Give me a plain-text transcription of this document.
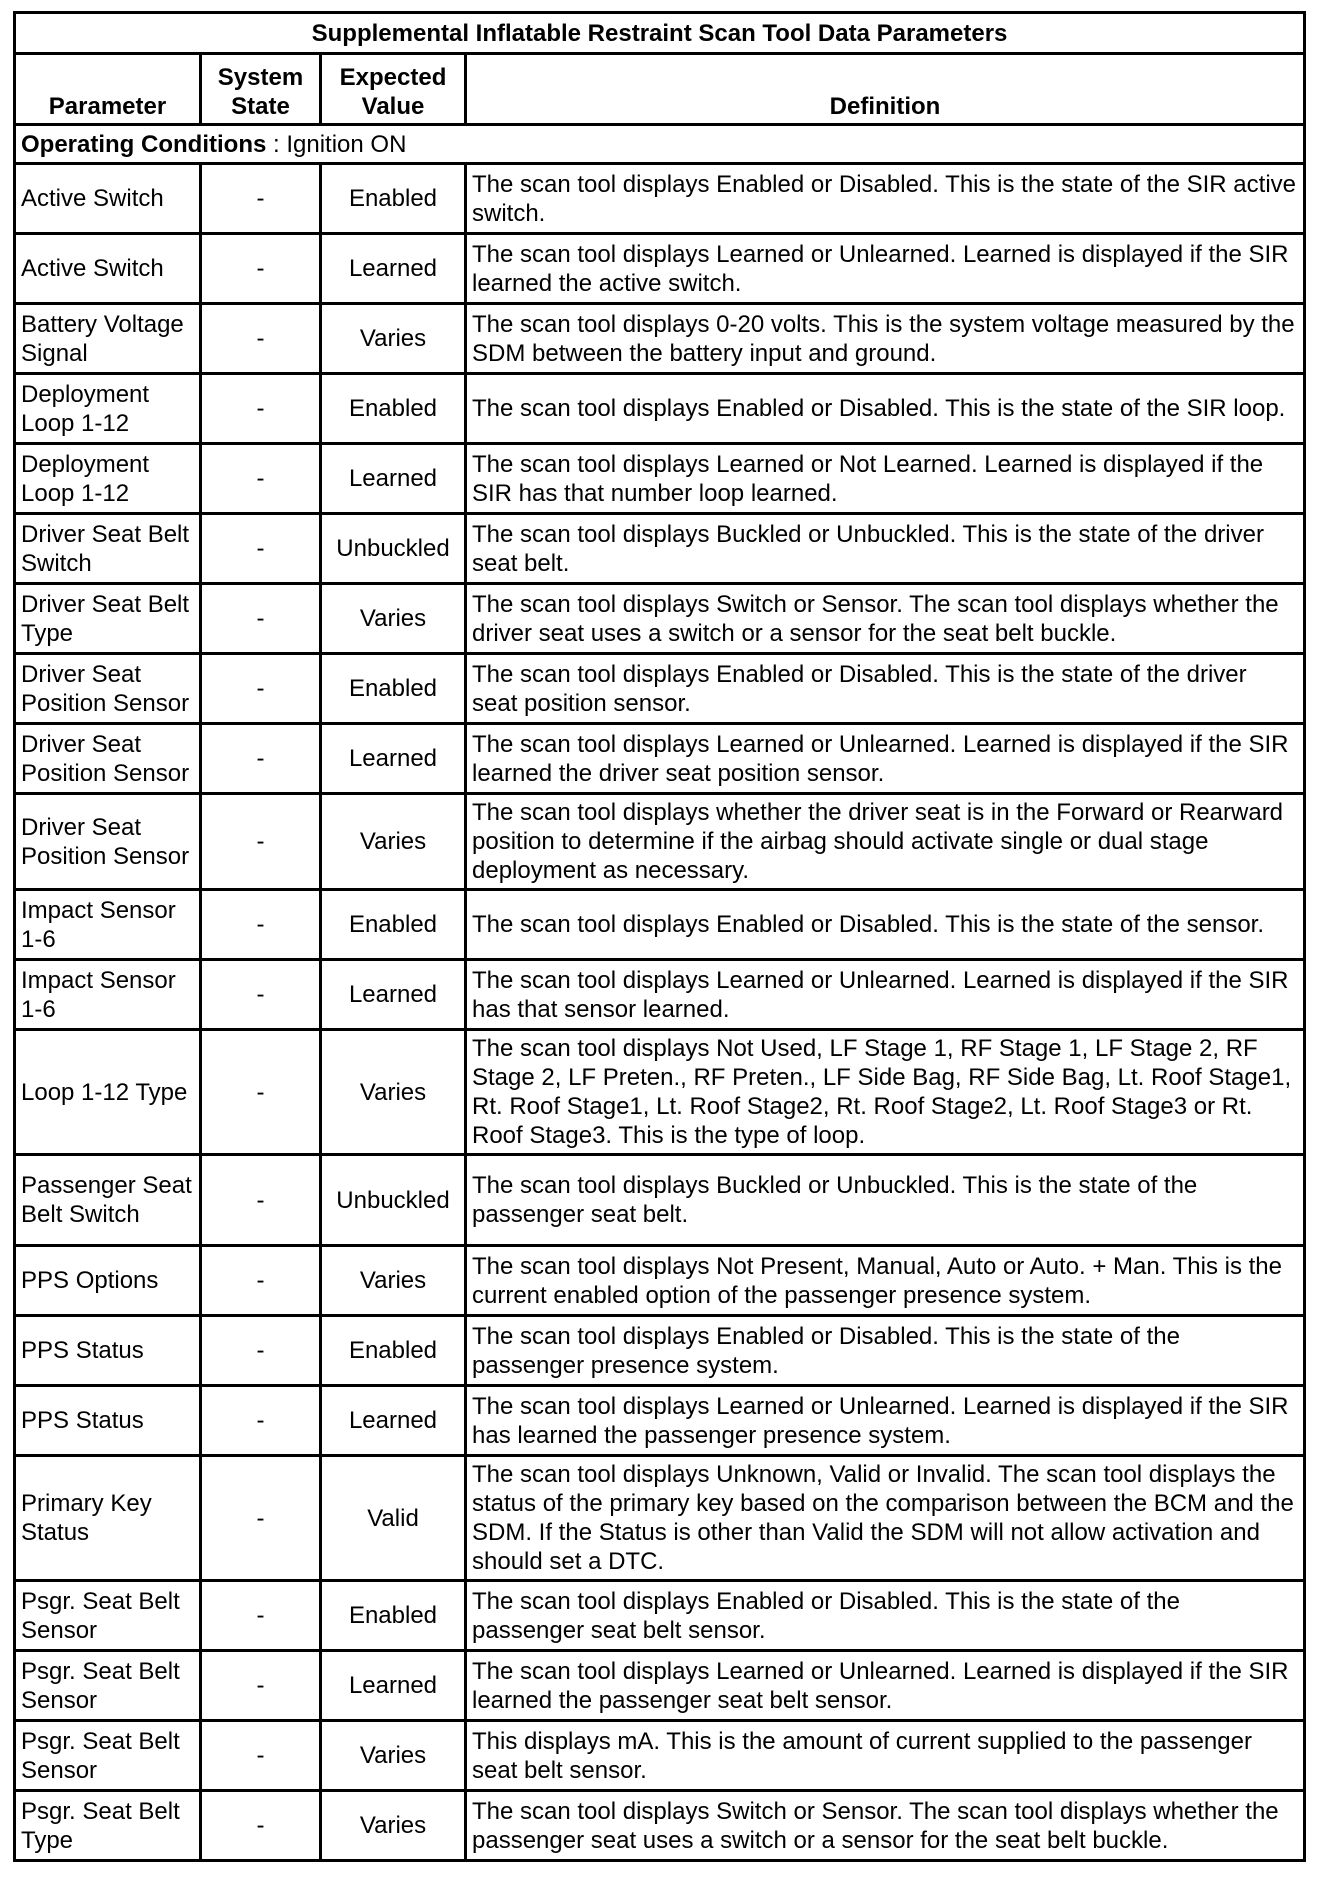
Supplemental Inflatable Restraint Scan Tool Data Parameters			
Parameter	System State	Expected Value	Definition
Operating Conditions : Ignition ON			
Active Switch	-	Enabled	The scan tool displays Enabled or Disabled. This is the state of the SIR active switch.
Active Switch	-	Learned	The scan tool displays Learned or Unlearned. Learned is displayed if the SIR learned the active switch.
Battery Voltage Signal	-	Varies	The scan tool displays 0-20 volts. This is the system voltage measured by the SDM between the battery input and ground.
Deployment Loop 1-12	-	Enabled	The scan tool displays Enabled or Disabled. This is the state of the SIR loop.
Deployment Loop 1-12	-	Learned	The scan tool displays Learned or Not Learned. Learned is displayed if the SIR has that number loop learned.
Driver Seat Belt Switch	-	Unbuckled	The scan tool displays Buckled or Unbuckled. This is the state of the driver seat belt.
Driver Seat Belt Type	-	Varies	The scan tool displays Switch or Sensor. The scan tool displays whether the driver seat uses a switch or a sensor for the seat belt buckle.
Driver Seat Position Sensor	-	Enabled	The scan tool displays Enabled or Disabled. This is the state of the driver seat position sensor.
Driver Seat Position Sensor	-	Learned	The scan tool displays Learned or Unlearned. Learned is displayed if the SIR learned the driver seat position sensor.
Driver Seat Position Sensor	-	Varies	The scan tool displays whether the driver seat is in the Forward or Rearward position to determine if the airbag should activate single or dual stage deployment as necessary.
Impact Sensor 1-6	-	Enabled	The scan tool displays Enabled or Disabled. This is the state of the sensor.
Impact Sensor 1-6	-	Learned	The scan tool displays Learned or Unlearned. Learned is displayed if the SIR has that sensor learned.
Loop 1-12 Type	-	Varies	The scan tool displays Not Used, LF Stage 1, RF Stage 1, LF Stage 2, RF Stage 2, LF Preten., RF Preten., LF Side Bag, RF Side Bag, Lt. Roof Stage1, Rt. Roof Stage1, Lt. Roof Stage2, Rt. Roof Stage2, Lt. Roof Stage3 or Rt. Roof Stage3. This is the type of loop.
Passenger Seat Belt Switch	-	Unbuckled	The scan tool displays Buckled or Unbuckled. This is the state of the passenger seat belt.
PPS Options	-	Varies	The scan tool displays Not Present, Manual, Auto or Auto. + Man. This is the current enabled option of the passenger presence system.
PPS Status	-	Enabled	The scan tool displays Enabled or Disabled. This is the state of the passenger presence system.
PPS Status	-	Learned	The scan tool displays Learned or Unlearned. Learned is displayed if the SIR has learned the passenger presence system.
Primary Key Status	-	Valid	The scan tool displays Unknown, Valid or Invalid. The scan tool displays the status of the primary key based on the comparison between the BCM and the SDM. If the Status is other than Valid the SDM will not allow activation and should set a DTC.
Psgr. Seat Belt Sensor	-	Enabled	The scan tool displays Enabled or Disabled. This is the state of the passenger seat belt sensor.
Psgr. Seat Belt Sensor	-	Learned	The scan tool displays Learned or Unlearned. Learned is displayed if the SIR learned the passenger seat belt sensor.
Psgr. Seat Belt Sensor	-	Varies	This displays mA. This is the amount of current supplied to the passenger seat belt sensor.
Psgr. Seat Belt Type	-	Varies	The scan tool displays Switch or Sensor. The scan tool displays whether the passenger seat uses a switch or a sensor for the seat belt buckle.
